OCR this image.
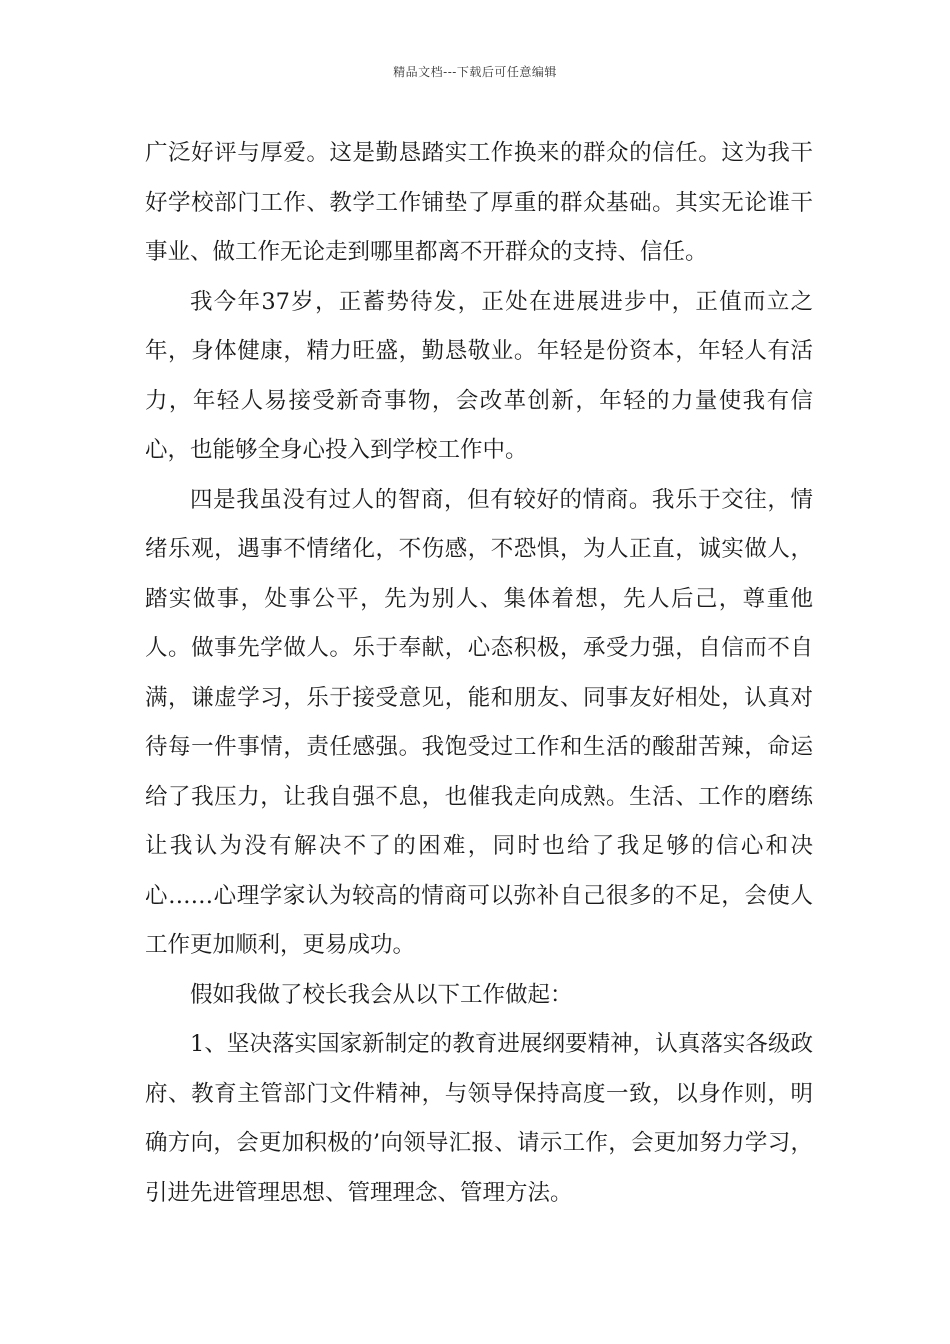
精品文档---下载后可任意编辑

广泛好评与厚爱。这是勤恳踏实工作换来的群众的信任。这为我干好学校部门工作、教学工作铺垫了厚重的群众基础。其实无论谁干事业、做工作无论走到哪里都离不开群众的支持、信任。

我今年37岁，正蓄势待发，正处在进展进步中，正值而立之年，身体健康，精力旺盛，勤恳敬业。年轻是份资本，年轻人有活力，年轻人易接受新奇事物，会改革创新，年轻的力量使我有信心，也能够全身心投入到学校工作中。

四是我虽没有过人的智商，但有较好的情商。我乐于交往，情绪乐观，遇事不情绪化，不伤感，不恐惧，为人正直，诚实做人，踏实做事，处事公平，先为别人、集体着想，先人后己，尊重他人。做事先学做人。乐于奉献，心态积极，承受力强，自信而不自满，谦虚学习，乐于接受意见，能和朋友、同事友好相处，认真对待每一件事情，责任感强。我饱受过工作和生活的酸甜苦辣，命运给了我压力，让我自强不息，也催我走向成熟。生活、工作的磨练让我认为没有解决不了的困难，同时也给了我足够的信心和决心……心理学家认为较高的情商可以弥补自己很多的不足，会使人工作更加顺利，更易成功。

假如我做了校长我会从以下工作做起：

1、坚决落实国家新制定的教育进展纲要精神，认真落实各级政府、教育主管部门文件精神，与领导保持高度一致，以身作则，明确方向，会更加积极的’向领导汇报、请示工作，会更加努力学习，引进先进管理思想、管理理念、管理方法。
